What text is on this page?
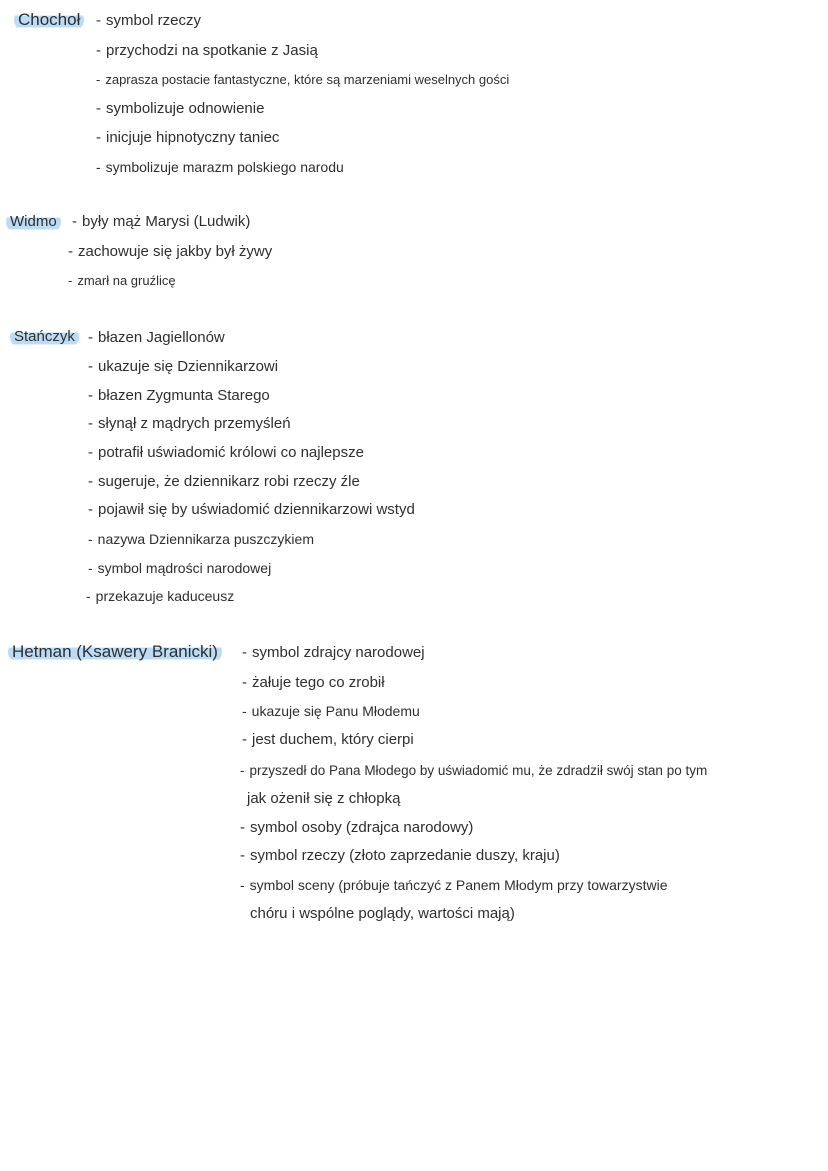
Chochoł - symbol rzeczy
- przychodzi na spotkanie z Jasią
- zaprasza postacie fantastyczne, które są marzeniami weselnych gości
- symbolizuje odnowienie
- inicjuje hipnotyczny taniec
- symbolizuje marazm polskiego narodu
Widmo - były mąż Marysi (Ludwik)
- zachowuje się jakby był żywy
- zmarł na gruźlicę
Stańczyk - błazen Jagiellonów
- ukazuje się Dziennikarzowi
- błazen Zygmunta Starego
- słynął z mądrych przemyśleń
- potrafił uświadomić królowi co najlepsze
- sugeruje, że dziennikarz robi rzeczy źle
- pojawił się by uświadomić dziennikarzowi wstyd
- nazywa Dziennikarza puszczykiem
- symbol mądrości narodowej
- przekazuje kaduceusz
Hetman (Ksawery Branicki) - symbol zdrajcy narodowej
- żałuje tego co zrobił
- ukazuje się Panu Młodemu
- jest duchem, który cierpi
- przyszedł do Pana Młodego by uświadomić mu, że zdradził swój stan po tym
jak ożenił się z chłopką
- symbol osoby (zdrajca narodowy)
- symbol rzeczy (złoto zaprzedanie duszy, kraju)
- symbol sceny (próbuje tańczyć z Panem Młodym przy towarzystwie
chóru i wspólne poglądy, wartości mają)
